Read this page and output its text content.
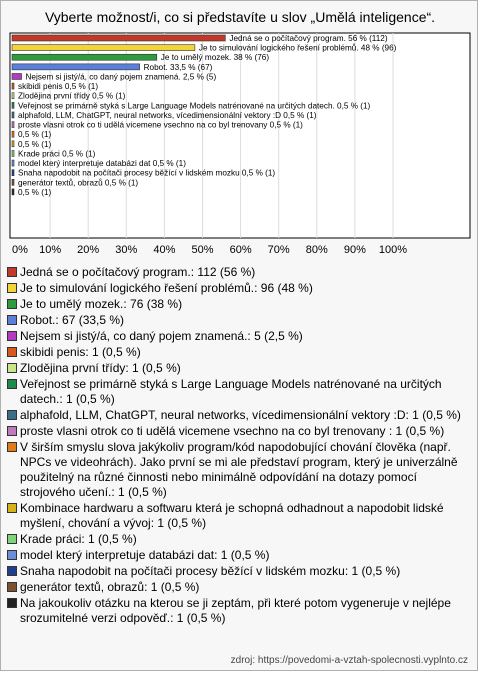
Vyberte možnost/i, co si představíte u slov „Umělá inteligence“.
0% 10% 20% 30% 40% 50% 60% 70% 80% 90% 100%
Jedná se o počítačový program. 56 % (112)
Je to simulování logického řešení problémů. 48 % (96)
Je to umělý mozek. 38 % (76)
Robot. 33,5 % (67)
Nejsem si jistý/á, co daný pojem znamená. 2,5 % (5)
skibidi penis 0,5 % (1)
Zlodějina první třídy 0,5 % (1)
Veřejnost se primárně styká s Large Language Models natrénované na určitých datech. 0,5 % (1)
alphafold, LLM, ChatGPT, neural networks, vícedimensionální vektory :D 0,5 % (1)
proste vlasni otrok co ti udělá vicemene vsechno na co byl trenovany 0,5 % (1)
0,5 % (1)
0,5 % (1)
Krade práci 0,5 % (1)
model který interpretuje databázi dat 0,5 % (1)
Snaha napodobit na počítači procesy běžící v lidském mozku 0,5 % (1)
generátor textů, obrazů 0,5 % (1)
0,5 % (1)
Jedná se o počítačový program.: 112 (56 %)
Je to simulování logického řešení problémů.: 96 (48 %)
Je to umělý mozek.: 76 (38 %)
Robot.: 67 (33,5 %)
Nejsem si jistý/á, co daný pojem znamená.: 5 (2,5 %)
skibidi penis: 1 (0,5 %)
Zlodějina první třídy: 1 (0,5 %)
Veřejnost se primárně styká s Large Language Models natrénované na určitých datech.: 1 (0,5 %)
alphafold, LLM, ChatGPT, neural networks, vícedimensionální vektory :D: 1 (0,5 %)
proste vlasni otrok co ti udělá vicemene vsechno na co byl trenovany : 1 (0,5 %)
V širším smyslu slova jakýkoliv program/kód napodobující chování člověka (např. NPCs ve videohrách). Jako první se mi ale představí program, který je univerzálně použitelný na různé činnosti nebo minimálně odpovídání na dotazy pomocí strojového učení.: 1 (0,5 %)
Kombinace hardwaru a softwaru která je schopná odhadnout a napodobit lidské myšlení, chování a vývoj: 1 (0,5 %)
Krade práci: 1 (0,5 %)
model který interpretuje databázi dat: 1 (0,5 %)
Snaha napodobit na počítači procesy běžící v lidském mozku: 1 (0,5 %)
generátor textů, obrazů: 1 (0,5 %)
Na jakoukoliv otázku na kterou se ji zeptám, při které potom vygeneruje v nejlépe srozumitelné verzi odpověď.: 1 (0,5 %)
zdroj: https://povedomi-a-vztah-spolecnosti.vyplnto.cz
